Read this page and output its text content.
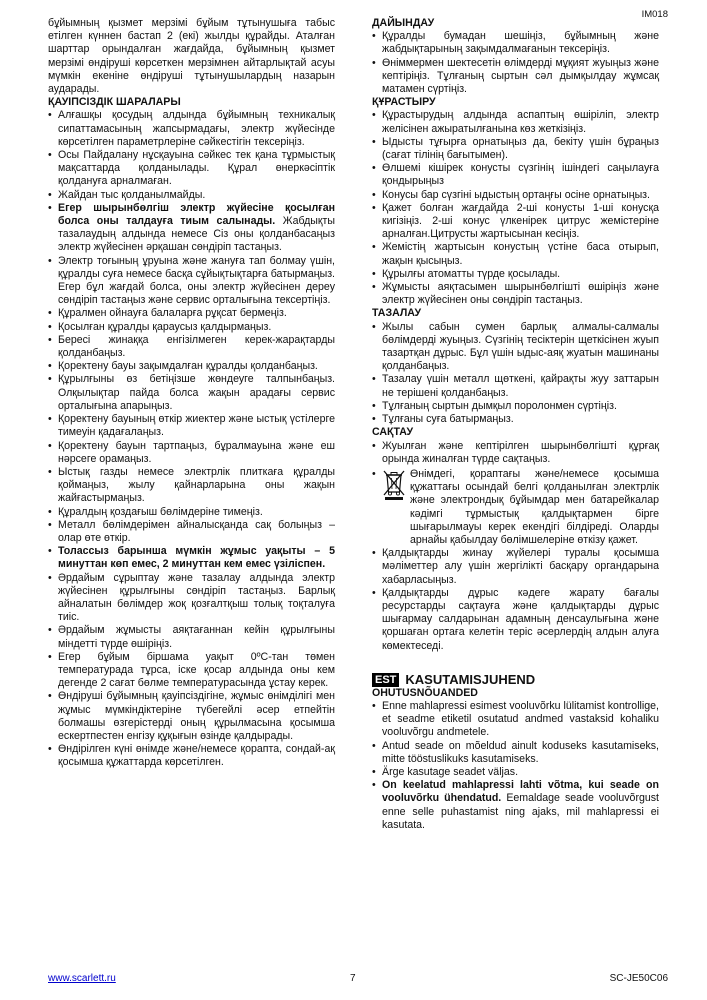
IM018

бұйымның қызмет мерзімі бұйым тұтынушыға табыс етілген күннен бастап 2 (екі) жылды құрайды. Аталған шарттар орындалған жағдайда, бұйымның қызмет мерзімі өндіруші көрсеткен мерзімнен айтарлықтай асуы мүмкін екеніне өндіруші тұтынушылардың назарын аударады.

ҚАУІПСІЗДІК ШАРАЛАРЫ
• Алғашқы қосудың алдында бұйымның техникалық сипаттамасының жапсырмадағы, электр жүйесінде көрсетілген параметрлеріне сәйкестігін тексеріңіз.
• Осы Пайдалану нұсқауына сәйкес тек қана тұрмыстық мақсаттарда қолданылады. Құрал өнеркәсіптік қолдануға арналмаған.
• Жайдан тыс қолданылмайды.
• Егер шырынбөлгіш электр жүйесіне қосылған болса оны талдауға тиым салынады. Жабдықты тазалаудың алдында немесе Сіз оны қолданбасаңыз электр жүйесінен әрқашан сөндіріп тастаңыз.
• Электр тоғының ұруына және жануға тап болмау үшін, құралды суға немесе басқа сұйықтықтарға батырмаңыз. Егер бұл жағдай болса, оны электр жүйесінен дереу сөндіріп тастаңыз және сервис орталығына тексертіңіз.
• Құралмен ойнауға балаларға рұқсат бермеңіз.
• Қосылған құралды қараусыз қалдырмаңыз.
• Бересі жинаққа енгізілмеген керек-жарақтарды қолданбаңыз.
• Қоректену бауы зақымдалған құралды қолданбаңыз.
• Құрылғыны өз бетіңізше жөндеуге талпынбаңыз. Олқылықтар пайда болса жақын арадағы сервис орталығына апарыңыз.
• Қоректену бауының өткір жиектер және ыстық үстілерге тимеуін қадағалаңыз.
• Қоректену бауын тартпаңыз, бұралмауына және еш нәрсеге орамаңыз.
• Ыстық газды немесе электрлік плиткаға құралды қоймаңыз, жылу қайнарларына оны жақын жайғастырмаңыз.
• Құралдың қоздағыш бөлімдеріне тимеңіз.
• Металл бөлімдерімен айналысқанда сақ болыңыз – олар өте өткір.
• Толассыз барынша мүмкін жұмыс уақыты – 5 минуттан көп емес, 2 минуттан кем емес үзіліспен.
• Әрдайым сұрыптау және тазалау алдында электр жүйесінен құрылғыны сөндіріп тастаңыз. Барлық айналатын бөлімдер жоқ қозғалтқыш толық тоқталуға тиіс.
• Әрдайым жұмысты аяқтағаннан кейін құрылғыны міндетті түрде өшіріңіз.
• Егер бұйым біршама уақыт 0ºC-тан төмен температурада тұрса, іске қосар алдында оны кем дегенде 2 сағат бөлме температурасында ұстау керек.
• Өндіруші бұйымның қауіпсіздігіне, жұмыс өнімділігі мен жұмыс мүмкіндіктеріне түбегейлі әсер етпейтін болмашы өзгерістерді оның құрылмасына қосымша ескертпестен енгізу құқығын өзінде қалдырады.
• Өндірілген күні өнімде және/немесе қорапта, сондай-ақ қосымша құжаттарда көрсетілген.
ДАЙЫНДАУ
• Құралды бумадан шешіңіз, бұйымның және жабдықтарының зақымдалмағанын тексеріңіз.
• Өніммермен шектесетін өлімдерді мұқият жуыңыз және кептіріңіз. Тұлғаның сыртын сәл дымқылдау жұмсақ матамен сүртіңіз.
ҚҰРАСТЫРУ
• Құрастырудың алдында аспаптың өшіріліп, электр желісінен ажыратылғанына көз жеткізіңіз.
• Ыдысты тұғырға орнатыңыз да, бекіту үшін бұраңыз (сағат тілінің бағытымен).
• Өлшемі кішірек конусты сүзгінің ішіндегі саңылауға қондырыңыз
• Конусы бар сүзгіні ыдыстың ортаңғы осіне орнатыңыз.
• Қажет болған жағдайда 2-ші конусты 1-ші конусқа кигізіңіз. 2-ші конус үлкенірек цитрус жемістеріне арналған.Цитрусты жартысынан кесіңіз.
• Жемістің жартысын конустың үстіне баса отырып, жақын қысыңыз.
• Құрылғы атоматты түрде қосылады.
• Жұмысты аяқтасымен шырынбөлгішті өшіріңіз және электр жүйесінен оны сөндіріп тастаңыз.
ТАЗАЛАУ
• Жылы сабын сумен барлық алмалы-салмалы бөлімдерді жуыңыз. Сүзгінің тесіктерін щеткісінен жуып тазартқан дұрыс. Бұл үшін ыдыс-аяқ жуатын машинаны қолданбаңыз.
• Тазалау үшін металл щөткені, қайрақты жуу заттарын не терішені қолданбаңыз.
• Тұлғаның сыртын дымқыл поролонмен сүртіңіз.
• Тұлғаны суға батырмаңыз.
САҚТАУ
• Жуылған және кептірілген шырынбөлгішті құрғақ орында жиналған түрде сақтаңыз.
•	Өнімдегі, қораптағы және/немесе қосымша құжаттағы осындай белгі қолданылған электрлік және электрондық бұйымдар мен батарейкалар кәдімгі тұрмыстық қалдықтармен бірге шығарылмауы керек екендігі білдіреді. Оларды арнайы қабылдау бөлімшелеріне өткізу қажет.
• Қалдықтарды жинау жүйелері туралы қосымша мәліметтер алу үшін жергілікті басқару органдарына хабарласыңыз.
• Қалдықтарды дұрыс кәдеге жарату бағалы ресурстарды сақтауға және қалдықтарды дұрыс шығармау салдарынан адамның денсаулығына және қоршаған ортаға келетін теріс әсерлердің алдын алуға көмектеседі.
EST KASUTAMISJUHEND
OHUTUSNÕUANDED
• Enne mahlapressi esimest vooluvõrku lülitamist kontrollige, et seadme etiketil osutatud andmed vastaksid kohaliku vooluvõrgu andmetele.
• Antud seade on mõeldud ainult koduseks kasutamiseks, mitte tööstuslikuks kasutamiseks.
• Ärge kasutage seadet väljas.
• On keelatud mahlapressi lahti võtma, kui seade on vooluvõrku ühendatud. Eemaldage seade vooluvõrgust enne selle puhastamist ning ajaks, mil mahlapressi ei kasutata.
www.scarlett.ru	7	SC-JE50C06
